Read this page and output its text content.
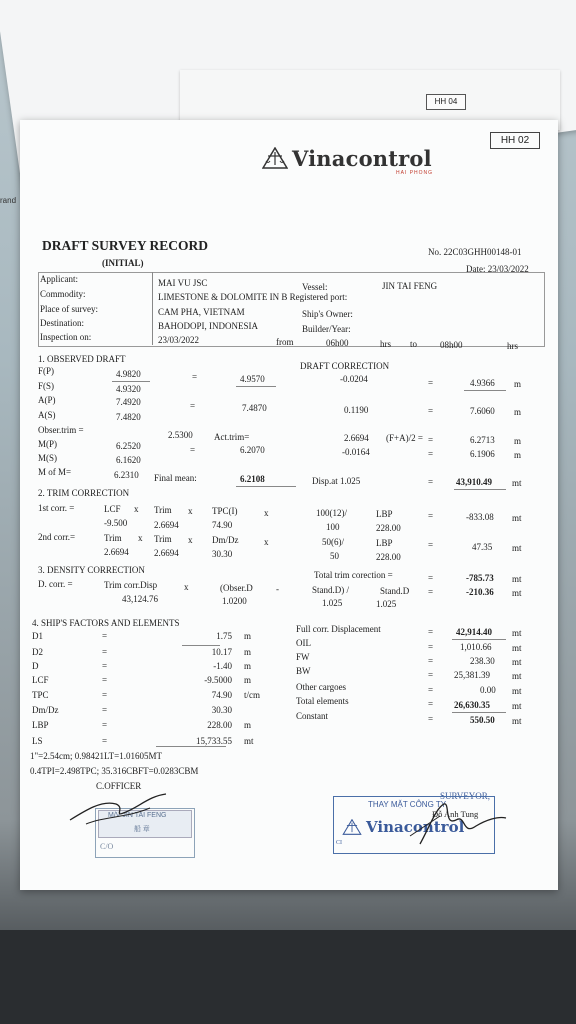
HH 04
rand
HH 02
Vinacontrol
HAI PHONG
DRAFT SURVEY RECORD
(INITIAL)
No. 22C03GHH00148-01
Date: 23/03/2022
Applicant:	MAI VU JSC	Vessel:	JIN TAI FENG
Commodity:	LIMESTONE & DOLOMITE IN B Registered port:
Place of survey:	CAM PHA, VIETNAM	Ship's Owner:
Destination:	BAHODOPI, INDONESIA	Builder/Year:
Inspection on:	23/03/2022	from	06h00	hrs to	08h00	hrs
1. OBSERVED DRAFT
DRAFT CORRECTION
F(P)	4.9820	=	4.9570	-0.0204	=	4.9366 m
F(S)	4.9320
A(P)	7.4920	=	7.4870	0.1190	=	7.6060 m
A(S)	7.4820
Obser.trim =	2.5300 Act.trim=	2.6694 (F+A)/2 = =	6.2713 m
M(P)	6.2520	=	6.2070	-0.0164	=	6.1906 m
M(S)	6.1620
M of M=	6.2310 Final mean:	6.2108	Disp.at 1.025	=	43,910.49 mt
2. TRIM CORRECTION
1st corr. =	LCF x Trim x TPC(I)	x	100(12)/	LBP	=	-833.08 mt
-9.500	2.6694	74.90	100	228.00
2nd corr.=	Trim x Trim x Dm/Dz	x	50(6)/	LBP	=	47.35 mt
2.6694	2.6694	30.30	50	228.00
3. DENSITY CORRECTION	Total trim corection =	=	-785.73 mt
D. corr. =	Trim corr.Disp	x	(Obser.D	-	Stand.D) /	Stand.D =	-210.36 mt
43,124.76	1.0200	1.025	1.025
4. SHIP'S FACTORS AND ELEMENTS
D1	=	1.75 m
D2	=	10.17 m
D	=	-1.40 m
LCF	=	-9.5000 m
TPC	=	74.90 t/cm
Dm/Dz	=	30.30
LBP	=	228.00 m
LS	=	15,733.55 mt
1"=2.54cm; 0.98421LT=1.01605MT
0.4TPI=2.498TPC; 35.316CBFT=0.0283CBM
Full corr. Displacement	=	42,914.40 mt
OIL	=	1,010.66 mt
FW	=	238.30 mt
BW	= 25,381.39 mt
Other cargoes	=	0.00 mt
Total elements	= 26,630.35 mt
Constant	=	550.50 mt
C.OFFICER
M/V JIN TAI FENG
船 章
C/O
SURVEYOR,
THAY MẶT CÔNG TY
Đỗ Anh Tung
Vinacontrol
CI
